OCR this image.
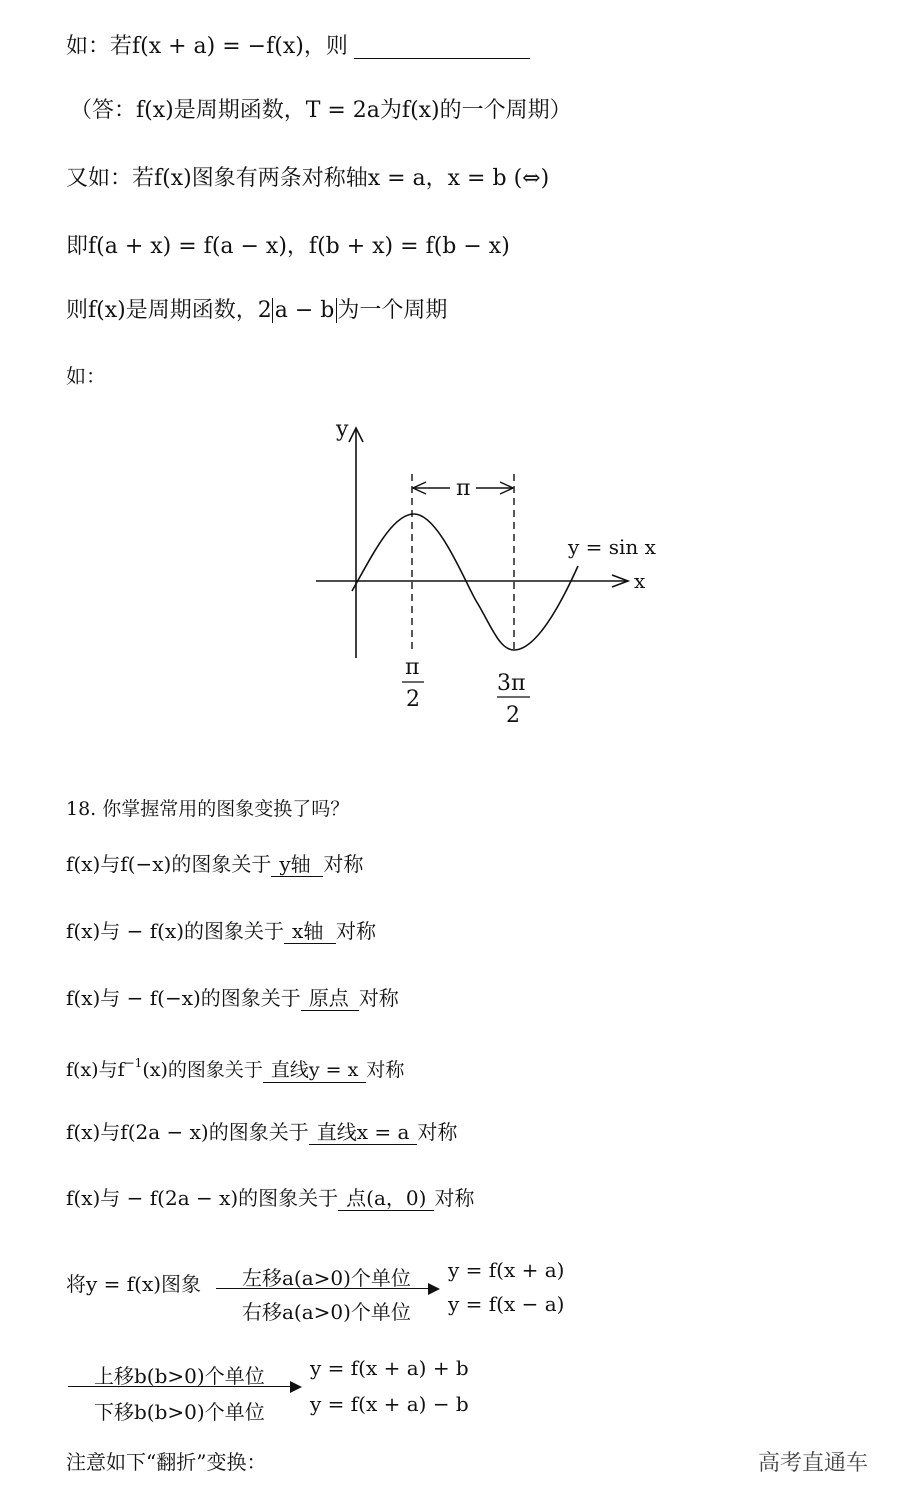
如：若f(x + a) = −f(x)，则
（答：f(x)是周期函数，T = 2a为f(x)的一个周期）
又如：若f(x)图象有两条对称轴x = a，x = b (⇔)
即f(a + x) = f(a − x)，f(b + x) = f(b − x)
则f(x)是周期函数，2 a − b 为一个周期
如：
y
x
π
y = sin x
π
2
3π
2
18. 你掌握常用的图象变换了吗？
f(x)与f(−x)的图象关于 y轴 对称
f(x)与 − f(x)的图象关于 x轴 对称
f(x)与 − f(−x)的图象关于 原点 对称
f(x)与$f^{-1}(x)$的图象关于 直线y = x 对称
f(x)与f(2a − x)的图象关于 直线x = a 对称
f(x)与 − f(2a − x)的图象关于 点(a，0) 对称
将y = f(x)图象 左移a(a>0)个单位
右移a(a>0)个单位
y = f(x + a)
y = f(x − a)
上移b(b>0)个单位
下移b(b>0)个单位
y = f(x + a) + b
y = f(x + a) − b
注意如下“翻折”变换：	高考直通车
